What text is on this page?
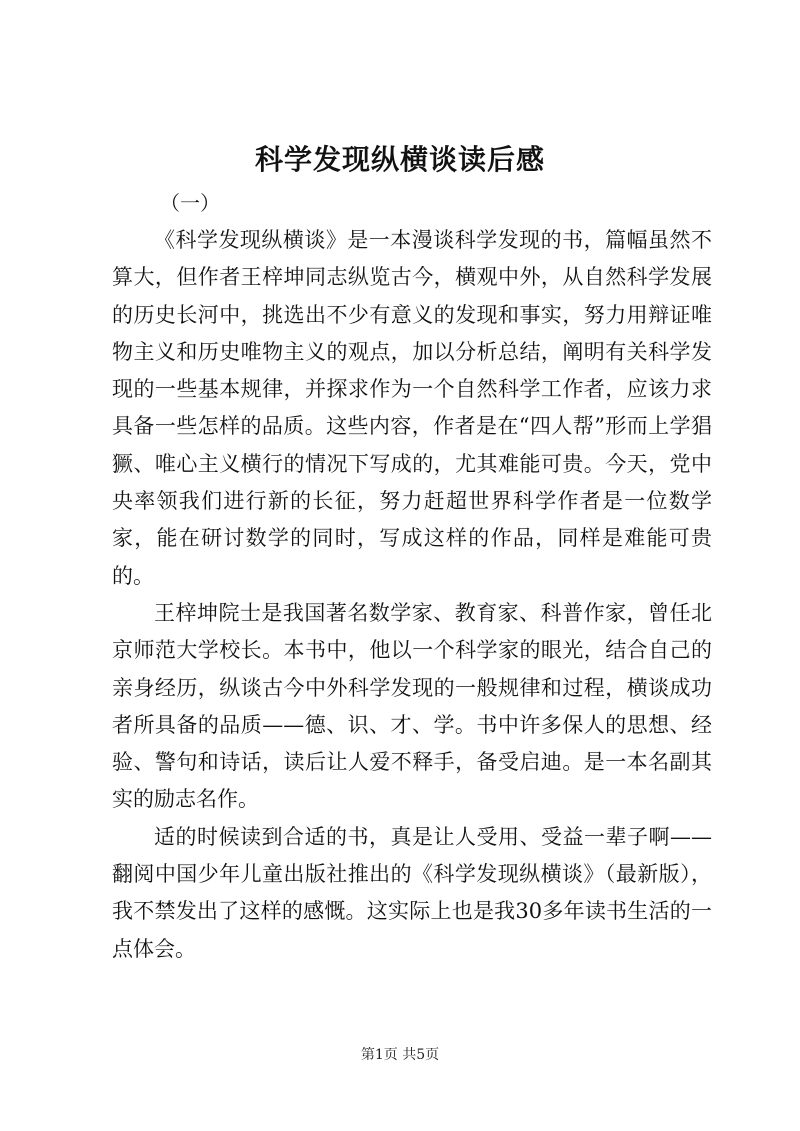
科学发现纵横谈读后感
（一）

《科学发现纵横谈》是一本漫谈科学发现的书，篇幅虽然不算大，但作者王梓坤同志纵览古今，横观中外，从自然科学发展的历史长河中，挑选出不少有意义的发现和事实，努力用辩证唯物主义和历史唯物主义的观点，加以分析总结，阐明有关科学发现的一些基本规律，并探求作为一个自然科学工作者，应该力求具备一些怎样的品质。这些内容，作者是在“四人帮”形而上学猖獗、唯心主义横行的情况下写成的，尤其难能可贵。今天，党中央率领我们进行新的长征，努力赶超世界科学作者是一位数学家，能在研讨数学的同时，写成这样的作品，同样是难能可贵的。

王梓坤院士是我国著名数学家、教育家、科普作家，曾任北京师范大学校长。本书中，他以一个科学家的眼光，结合自己的亲身经历，纵谈古今中外科学发现的一般规律和过程，横谈成功者所具备的品质——德、识、才、学。书中许多保人的思想、经验、警句和诗话，读后让人爱不释手，备受启迪。是一本名副其实的励志名作。

适的时候读到合适的书，真是让人受用、受益一辈子啊——翻阅中国少年儿童出版社推出的《科学发现纵横谈》（最新版），我不禁发出了这样的感慨。这实际上也是我30多年读书生活的一点体会。

第1页 共5页
